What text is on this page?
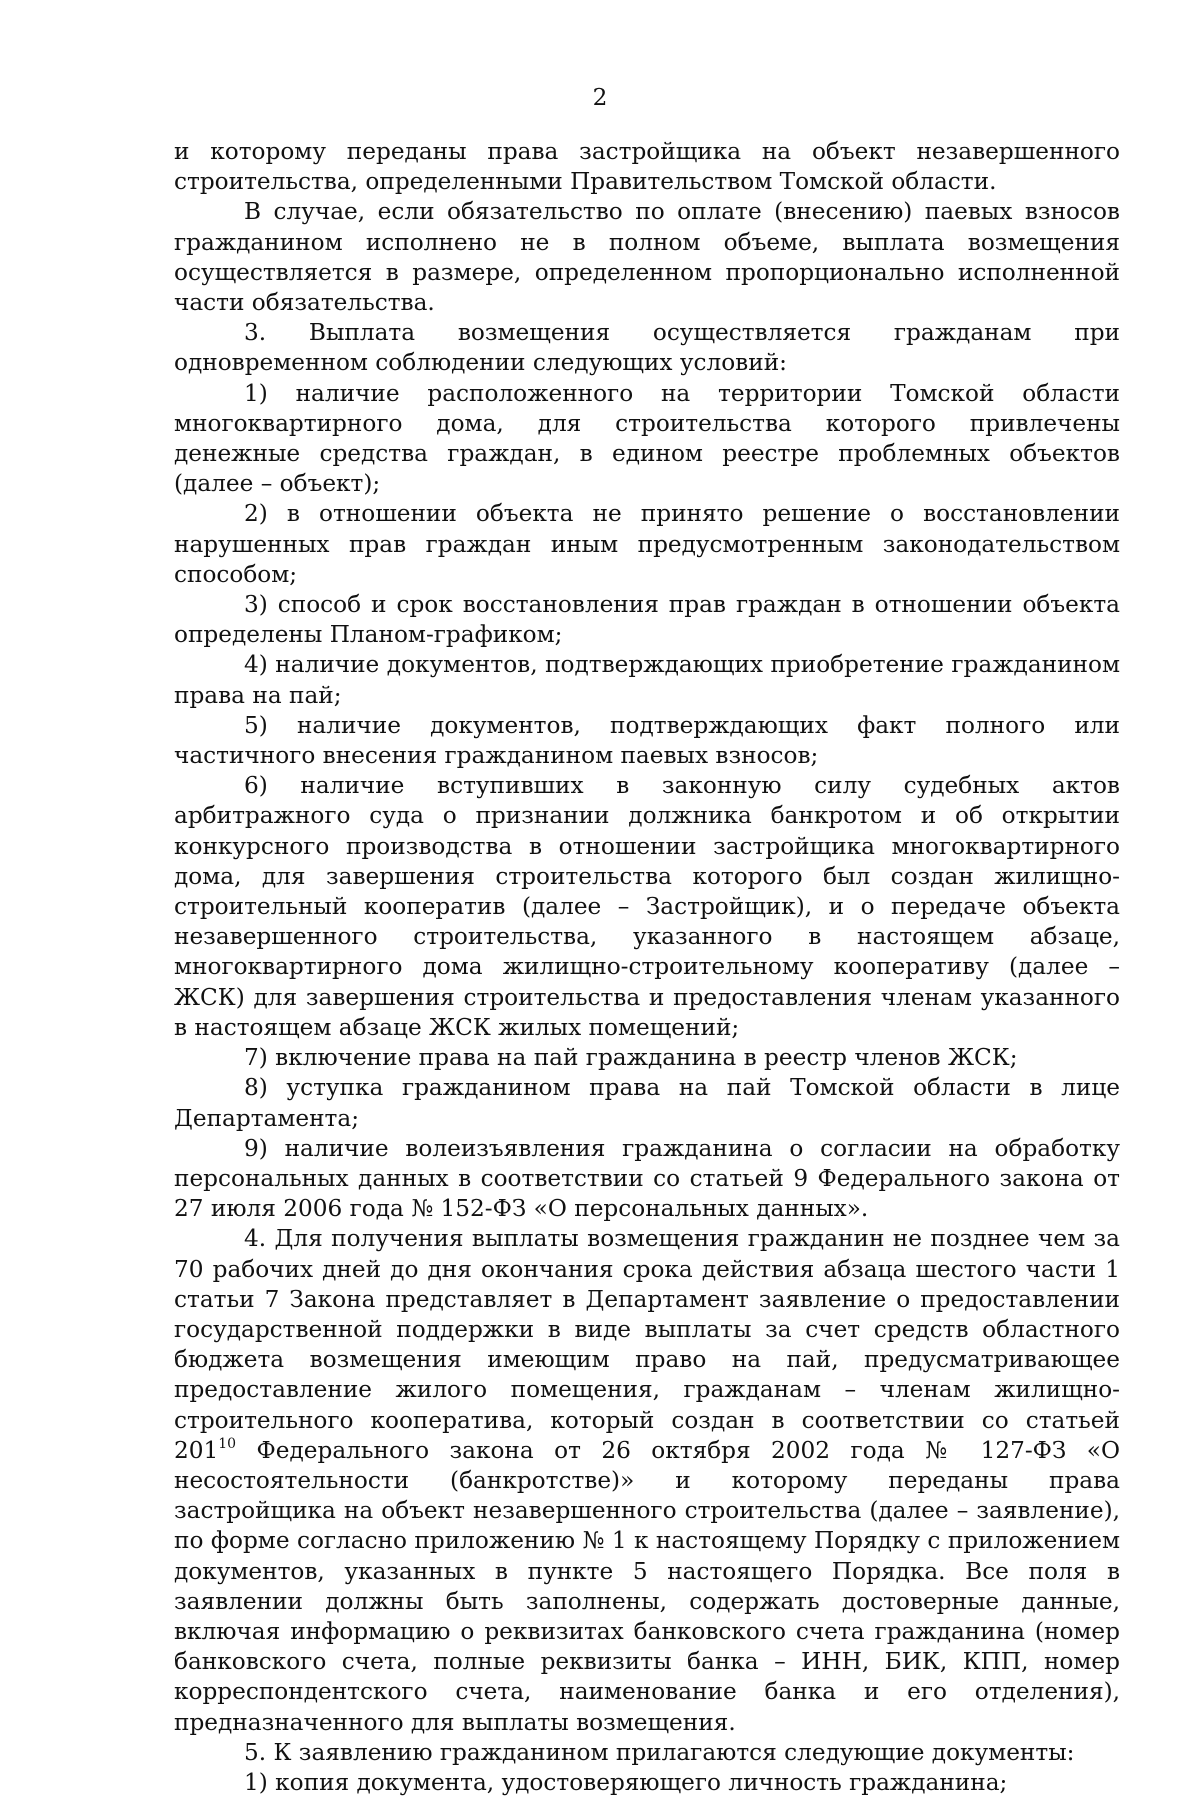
2

и которому переданы права застройщика на объект незавершенного строительства, определенными Правительством Томской области.

В случае, если обязательство по оплате (внесению) паевых взносов гражданином исполнено не в полном объеме, выплата возмещения осуществляется в размере, определенном пропорционально исполненной части обязательства.

3. Выплата возмещения осуществляется гражданам при одновременном соблюдении следующих условий:

1) наличие расположенного на территории Томской области многоквартирного дома, для строительства которого привлечены денежные средства граждан, в едином реестре проблемных объектов (далее – объект);

2) в отношении объекта не принято решение о восстановлении нарушенных прав граждан иным предусмотренным законодательством способом;

3) способ и срок восстановления прав граждан в отношении объекта определены Планом-графиком;

4) наличие документов, подтверждающих приобретение гражданином права на пай;

5) наличие документов, подтверждающих факт полного или частичного внесения гражданином паевых взносов;

6) наличие вступивших в законную силу судебных актов арбитражного суда о признании должника банкротом и об открытии конкурсного производства в отношении застройщика многоквартирного дома, для завершения строительства которого был создан жилищно-строительный кооператив (далее – Застройщик), и о передаче объекта незавершенного строительства, указанного в настоящем абзаце, многоквартирного дома жилищно-строительному кооперативу (далее – ЖСК) для завершения строительства и предоставления членам указанного в настоящем абзаце ЖСК жилых помещений;

7) включение права на пай гражданина в реестр членов ЖСК;

8) уступка гражданином права на пай Томской области в лице Департамента;

9) наличие волеизъявления гражданина о согласии на обработку персональных данных в соответствии со статьей 9 Федерального закона от 27 июля 2006 года № 152-ФЗ «О персональных данных».

4. Для получения выплаты возмещения гражданин не позднее чем за 70 рабочих дней до дня окончания срока действия абзаца шестого части 1 статьи 7 Закона представляет в Департамент заявление о предоставлении государственной поддержки в виде выплаты за счет средств областного бюджета возмещения имеющим право на пай, предусматривающее предоставление жилого помещения, гражданам – членам жилищно-строительного кооператива, который создан в соответствии со статьей $201^{10}$ Федерального закона от 26 октября 2002 года № 127-ФЗ «О несостоятельности (банкротстве)» и которому переданы права застройщика на объект незавершенного строительства (далее – заявление), по форме согласно приложению № 1 к настоящему Порядку с приложением документов, указанных в пункте 5 настоящего Порядка. Все поля в заявлении должны быть заполнены, содержать достоверные данные, включая информацию о реквизитах банковского счета гражданина (номер банковского счета, полные реквизиты банка – ИНН, БИК, КПП, номер корреспондентского счета, наименование банка и его отделения), предназначенного для выплаты возмещения.

5. К заявлению гражданином прилагаются следующие документы:

1) копия документа, удостоверяющего личность гражданина;
